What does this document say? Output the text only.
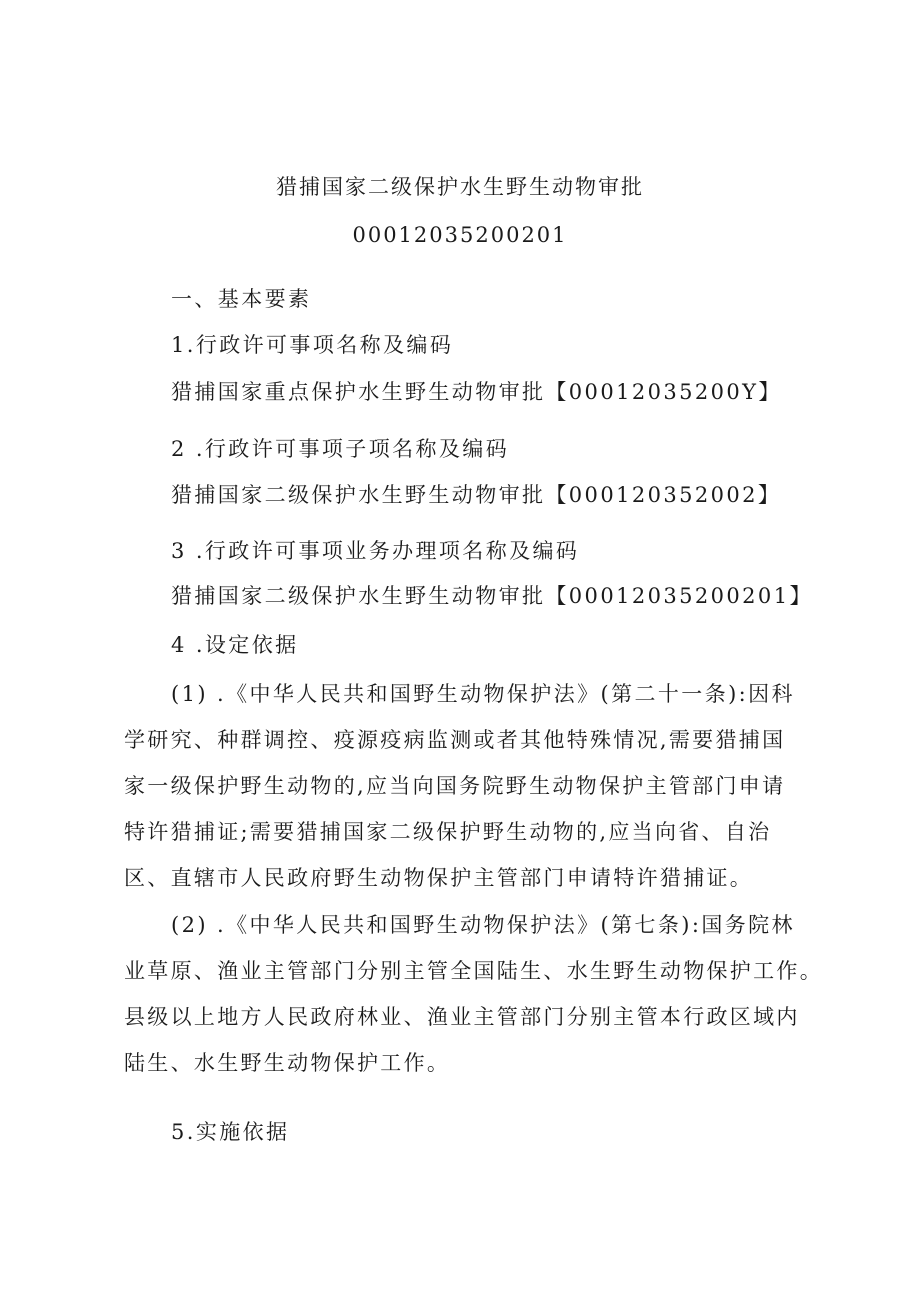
猎捕国家二级保护水生野生动物审批
00012035200201
一、基本要素
1.行政许可事项名称及编码
猎捕国家重点保护水生野生动物审批【00012035200Y】
2 .行政许可事项子项名称及编码
猎捕国家二级保护水生野生动物审批【000120352002】
3 .行政许可事项业务办理项名称及编码
猎捕国家二级保护水生野生动物审批【00012035200201】
4 .设定依据
(1) .《中华人民共和国野生动物保护法》(第二十一条):因科
学研究、种群调控、疫源疫病监测或者其他特殊情况,需要猎捕国
家一级保护野生动物的,应当向国务院野生动物保护主管部门申请
特许猎捕证;需要猎捕国家二级保护野生动物的,应当向省、自治
区、直辖市人民政府野生动物保护主管部门申请特许猎捕证。
(2) .《中华人民共和国野生动物保护法》(第七条):国务院林
业草原、渔业主管部门分别主管全国陆生、水生野生动物保护工作。
县级以上地方人民政府林业、渔业主管部门分别主管本行政区域内
陆生、水生野生动物保护工作。
5.实施依据
